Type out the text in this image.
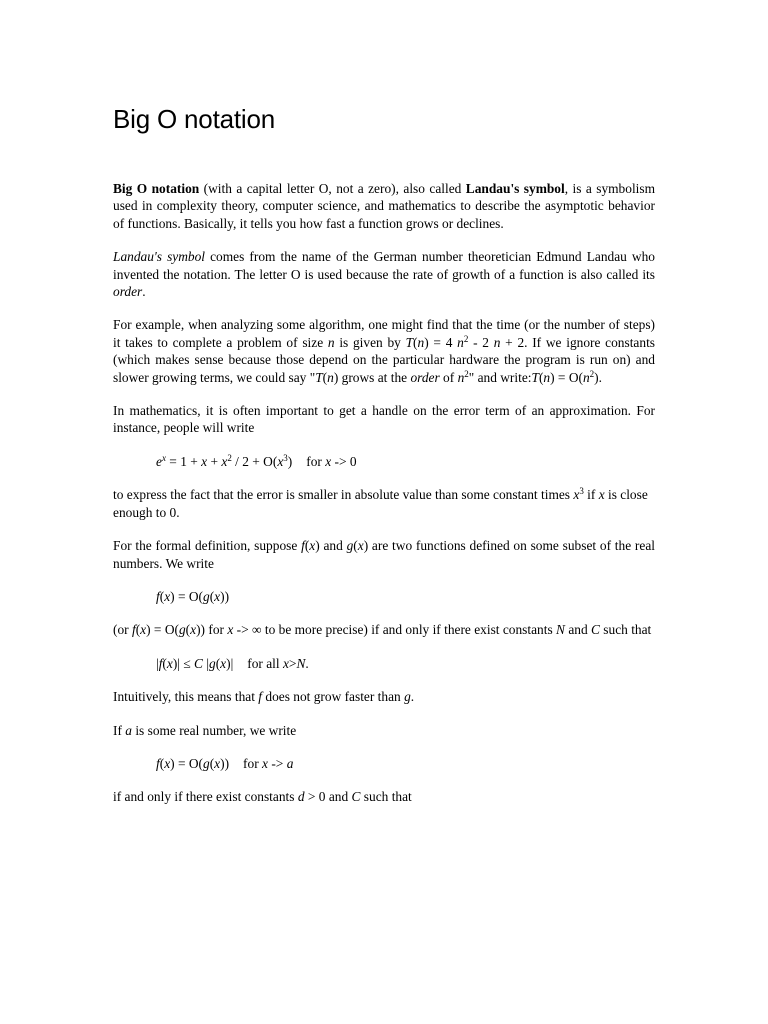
Big O notation

Big O notation (with a capital letter O, not a zero), also called Landau's symbol, is a symbolism used in complexity theory, computer science, and mathematics to describe the asymptotic behavior of functions. Basically, it tells you how fast a function grows or declines.

Landau's symbol comes from the name of the German number theoretician Edmund Landau who invented the notation. The letter O is used because the rate of growth of a function is also called its order.

For example, when analyzing some algorithm, one might find that the time (or the number of steps) it takes to complete a problem of size n is given by T(n) = 4 $n^2 - 2$ n + 2. If we ignore constants (which makes sense because those depend on the particular hardware the program is run on) and slower growing terms, we could say "T(n) grows at the order of $n^2$" and write:T(n) = $O(n^2)$.

In mathematics, it is often important to get a handle on the error term of an approximation. For instance, people will write

$e^x = 1 + x + x^2 / 2 + O(x^3)$ for x -> 0

to express the fact that the error is smaller in absolute value than some constant times $x^3$ if x is close enough to 0.

For the formal definition, suppose f(x) and g(x) are two functions defined on some subset of the real numbers. We write

f(x) = O(g(x))

(or f(x) = O(g(x)) for x -> ∞ to be more precise) if and only if there exist constants N and C such that

|f(x)| ≤ C |g(x)| for all x>N.

Intuitively, this means that f does not grow faster than g.

If a is some real number, we write

f(x) = O(g(x)) for x -> a

if and only if there exist constants d > 0 and C such that
